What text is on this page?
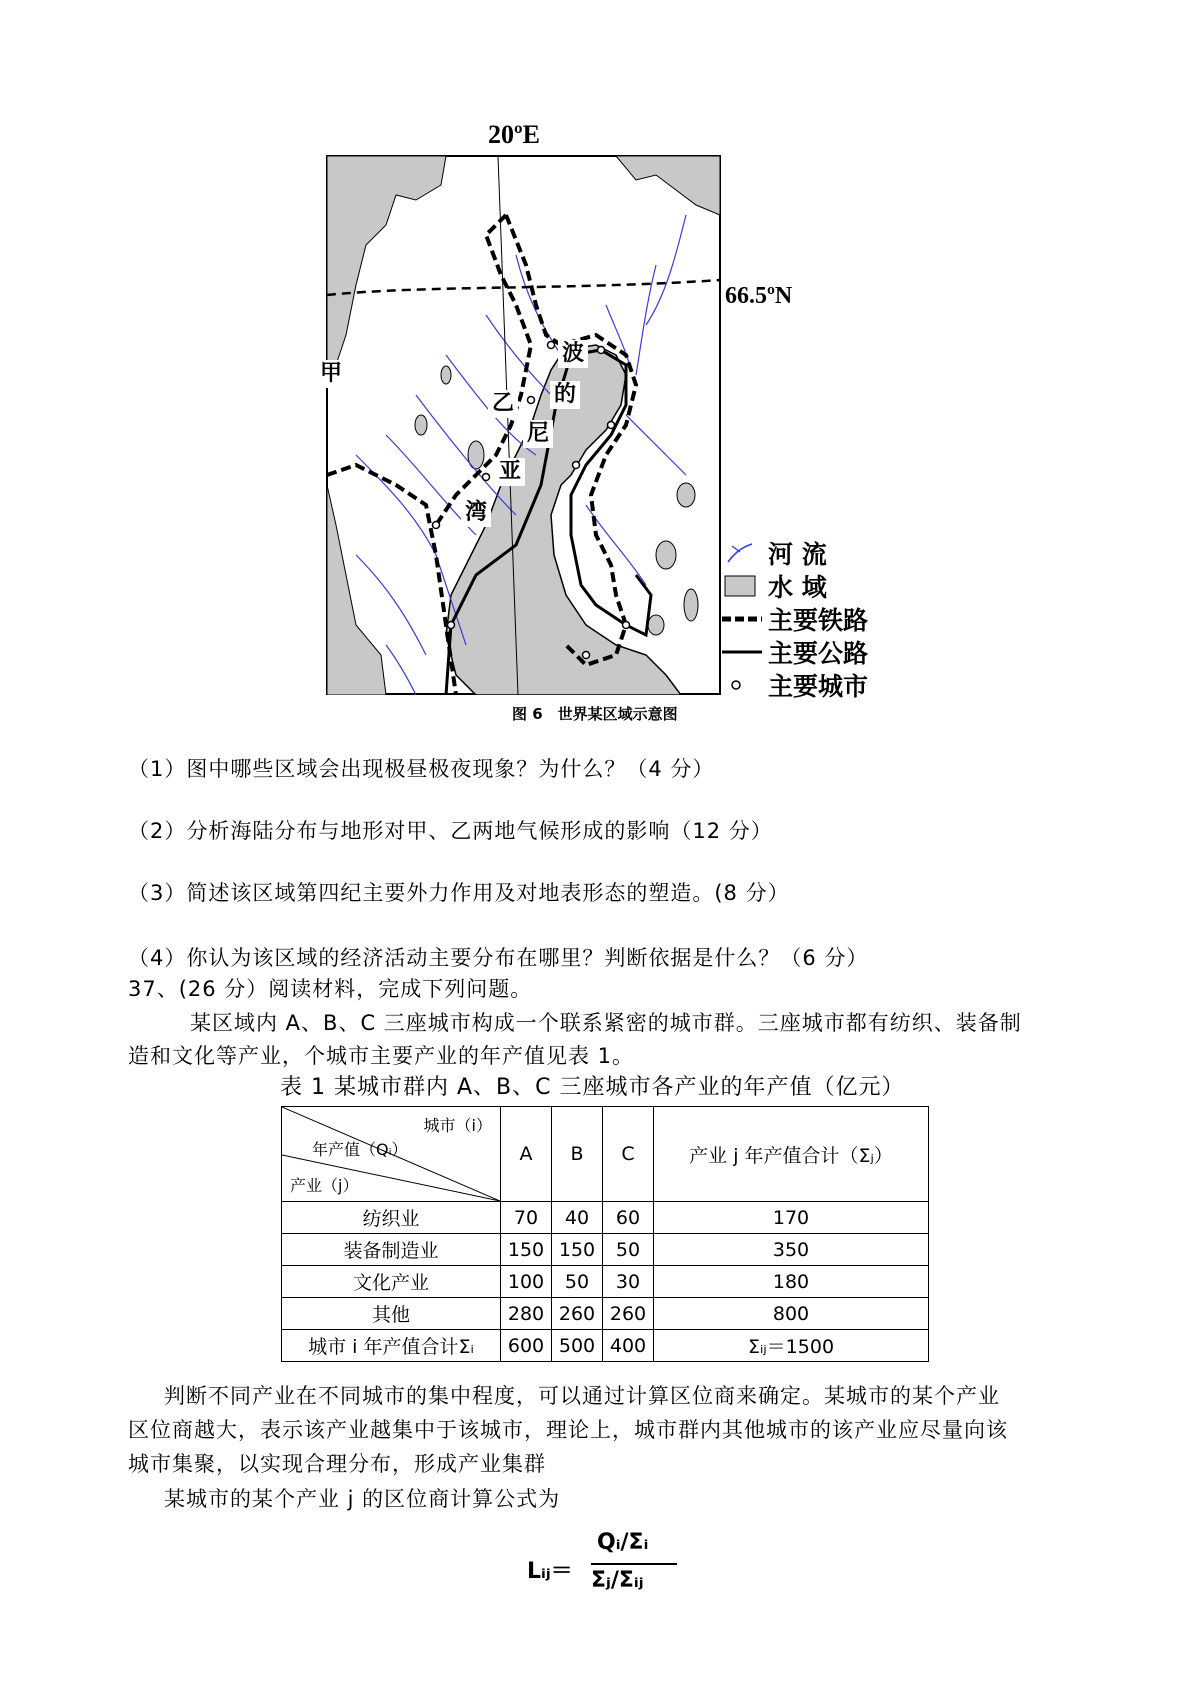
20ºE
66.5ºN
甲
乙
波
的
尼
亚
湾
河 流
水 域
主要铁路
主要公路
主要城市
图 6　世界某区域示意图
（1）图中哪些区域会出现极昼极夜现象？为什么？（4 分）
（2）分析海陆分布与地形对甲、乙两地气候形成的影响（12 分）
（3）简述该区域第四纪主要外力作用及对地表形态的塑造。(8 分）
（4）你认为该区域的经济活动主要分布在哪里？判断依据是什么？（6 分）
37、(26 分）阅读材料，完成下列问题。
某区域内 A、B、C 三座城市构成一个联系紧密的城市群。三座城市都有纺织、装备制
造和文化等产业，个城市主要产业的年产值见表 1。
表 1 某城市群内 A、B、C 三座城市各产业的年产值（亿元）
城市（i）
年产值（Qᵢ）
产业（j）	A	B	C	产业 j 年产值合计（Σⱼ）
纺织业	70	40	60	170
装备制造业	150	150	50	350
文化产业	100	50	30	180
其他	280	260	260	800
城市 i 年产值合计Σᵢ	600	500	400	Σᵢⱼ＝1500
判断不同产业在不同城市的集中程度，可以通过计算区位商来确定。某城市的某个产业
区位商越大，表示该产业越集中于该城市，理论上，城市群内其他城市的该产业应尽量向该
城市集聚，以实现合理分布，形成产业集群
某城市的某个产业 j 的区位商计算公式为
Lᵢⱼ＝
Qᵢ/Σᵢ
Σⱼ/Σᵢⱼ
